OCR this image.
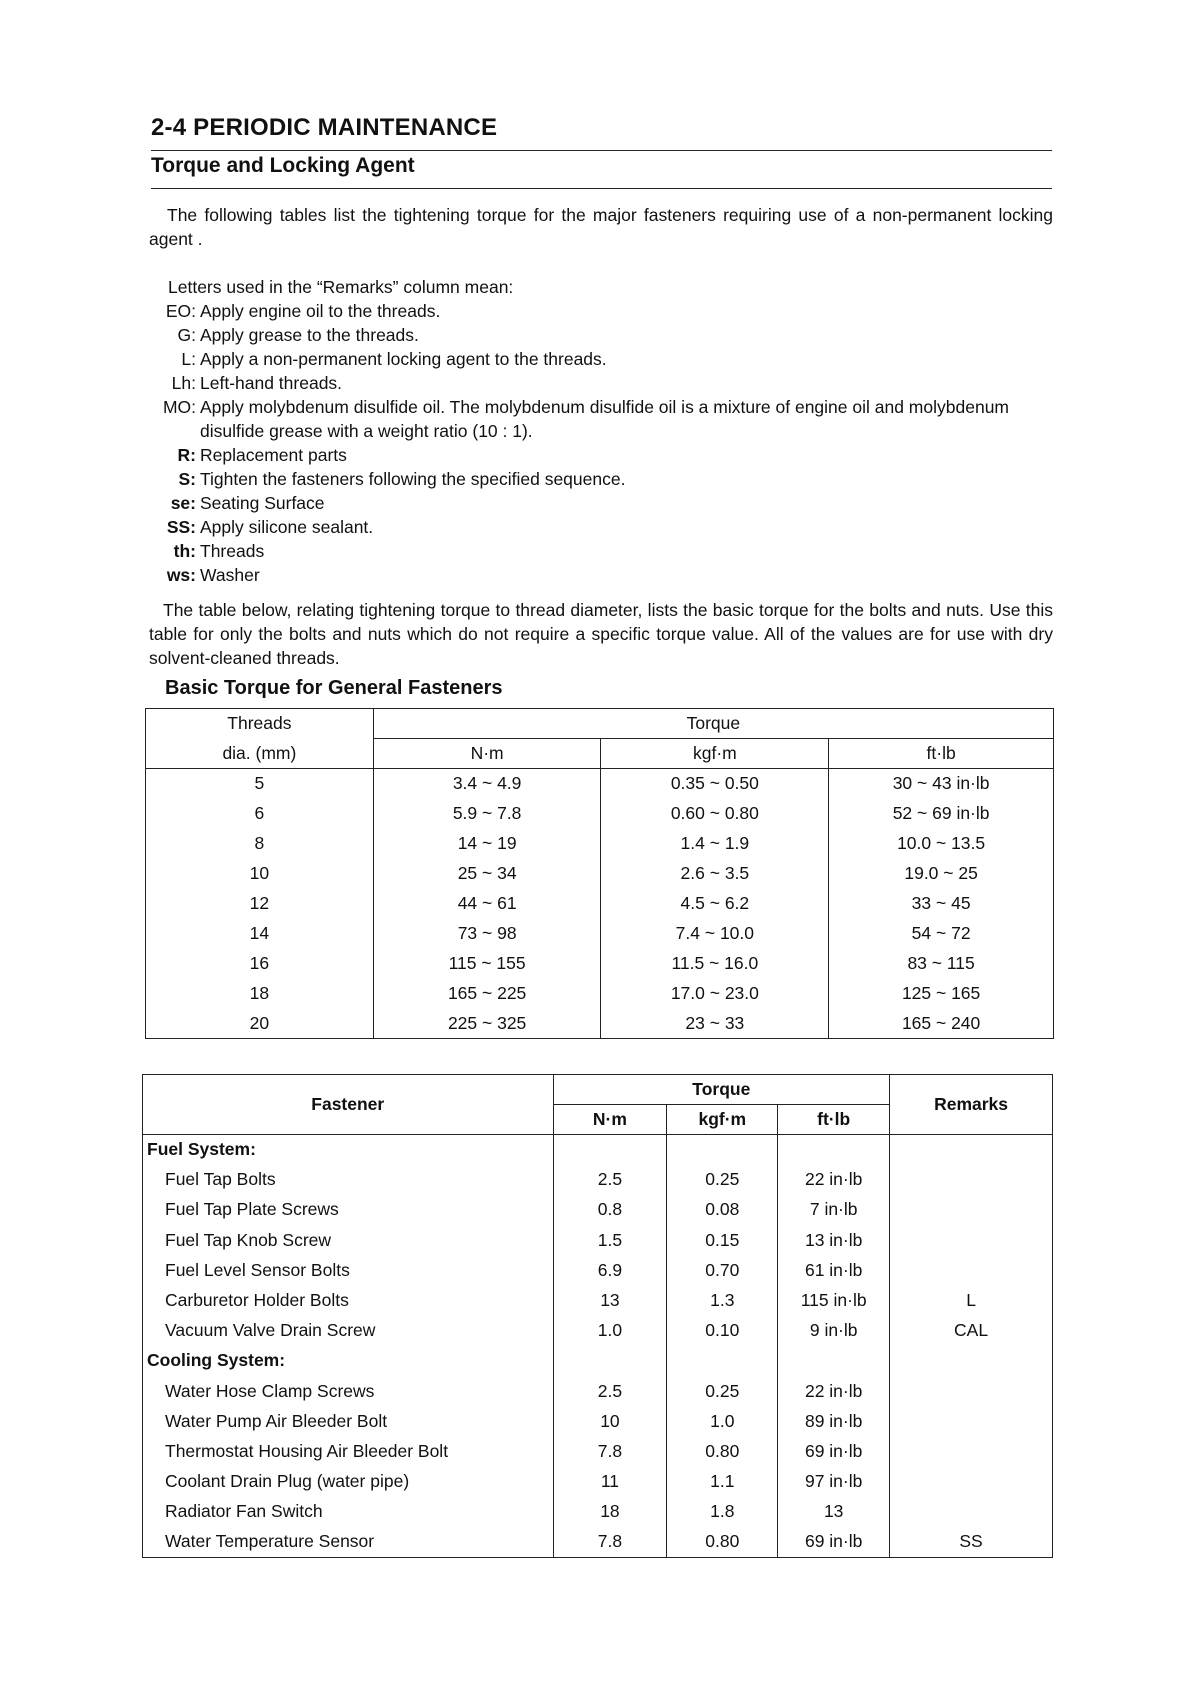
2-4 PERIODIC MAINTENANCE
Torque and Locking Agent
The following tables list the tightening torque for the major fasteners requiring use of a non-permanent locking agent .
Letters used in the “Remarks” column mean:
EO: Apply engine oil to the threads.
G: Apply grease to the threads.
L: Apply a non-permanent locking agent to the threads.
Lh: Left-hand threads.
MO: Apply molybdenum disulfide oil. The molybdenum disulfide oil is a mixture of engine oil and molybdenum disulfide grease with a weight ratio (10 : 1).
R: Replacement parts
S: Tighten the fasteners following the specified sequence.
se: Seating Surface
SS: Apply silicone sealant.
th: Threads
ws: Washer
The table below, relating tightening torque to thread diameter, lists the basic torque for the bolts and nuts. Use this table for only the bolts and nuts which do not require a specific torque value. All of the values are for use with dry solvent-cleaned threads.
Basic Torque for General Fasteners
Threads	Torque		
dia. (mm)	N·m	kgf·m	ft·lb
5	3.4 ~ 4.9	0.35 ~ 0.50	30 ~ 43 in·lb
6	5.9 ~ 7.8	0.60 ~ 0.80	52 ~ 69 in·lb
8	14 ~ 19	1.4 ~ 1.9	10.0 ~ 13.5
10	25 ~ 34	2.6 ~ 3.5	19.0 ~ 25
12	44 ~ 61	4.5 ~ 6.2	33 ~ 45
14	73 ~ 98	7.4 ~ 10.0	54 ~ 72
16	115 ~ 155	11.5 ~ 16.0	83 ~ 115
18	165 ~ 225	17.0 ~ 23.0	125 ~ 165
20	225 ~ 325	23 ~ 33	165 ~ 240
Fastener	Torque			Remarks
	N·m	kgf·m	ft·lb	
Fuel System:				
Fuel Tap Bolts	2.5	0.25	22 in·lb	
Fuel Tap Plate Screws	0.8	0.08	7 in·lb	
Fuel Tap Knob Screw	1.5	0.15	13 in·lb	
Fuel Level Sensor Bolts	6.9	0.70	61 in·lb	
Carburetor Holder Bolts	13	1.3	115 in·lb	L
Vacuum Valve Drain Screw	1.0	0.10	9 in·lb	CAL
Cooling System:				
Water Hose Clamp Screws	2.5	0.25	22 in·lb	
Water Pump Air Bleeder Bolt	10	1.0	89 in·lb	
Thermostat Housing Air Bleeder Bolt	7.8	0.80	69 in·lb	
Coolant Drain Plug (water pipe)	11	1.1	97 in·lb	
Radiator Fan Switch	18	1.8	13	
Water Temperature Sensor	7.8	0.80	69 in·lb	SS
